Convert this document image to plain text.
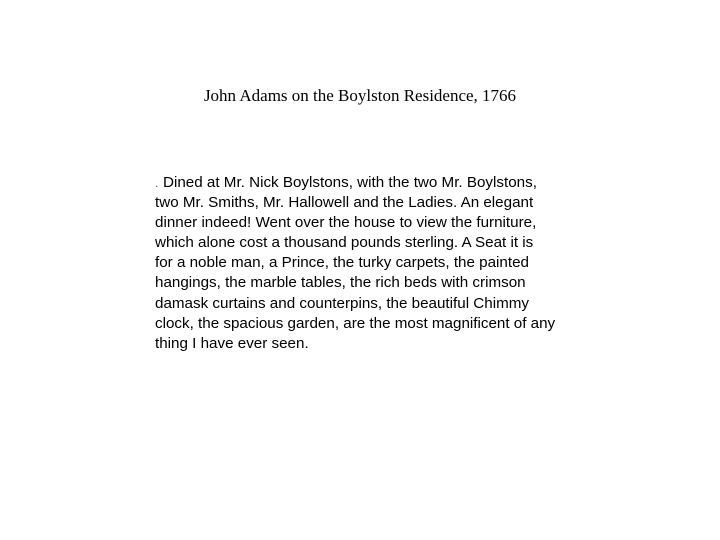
John Adams on the Boylston Residence, 1766
. Dined at Mr. Nick Boylstons, with the two Mr. Boylstons,
two Mr. Smiths, Mr. Hallowell and the Ladies. An elegant
dinner indeed! Went over the house to view the furniture,
which alone cost a thousand pounds sterling. A Seat it is
for a noble man, a Prince, the turky carpets, the painted
hangings, the marble tables, the rich beds with crimson
damask curtains and counterpins, the beautiful Chimmy
clock, the spacious garden, are the most magnificent of any
thing I have ever seen.
